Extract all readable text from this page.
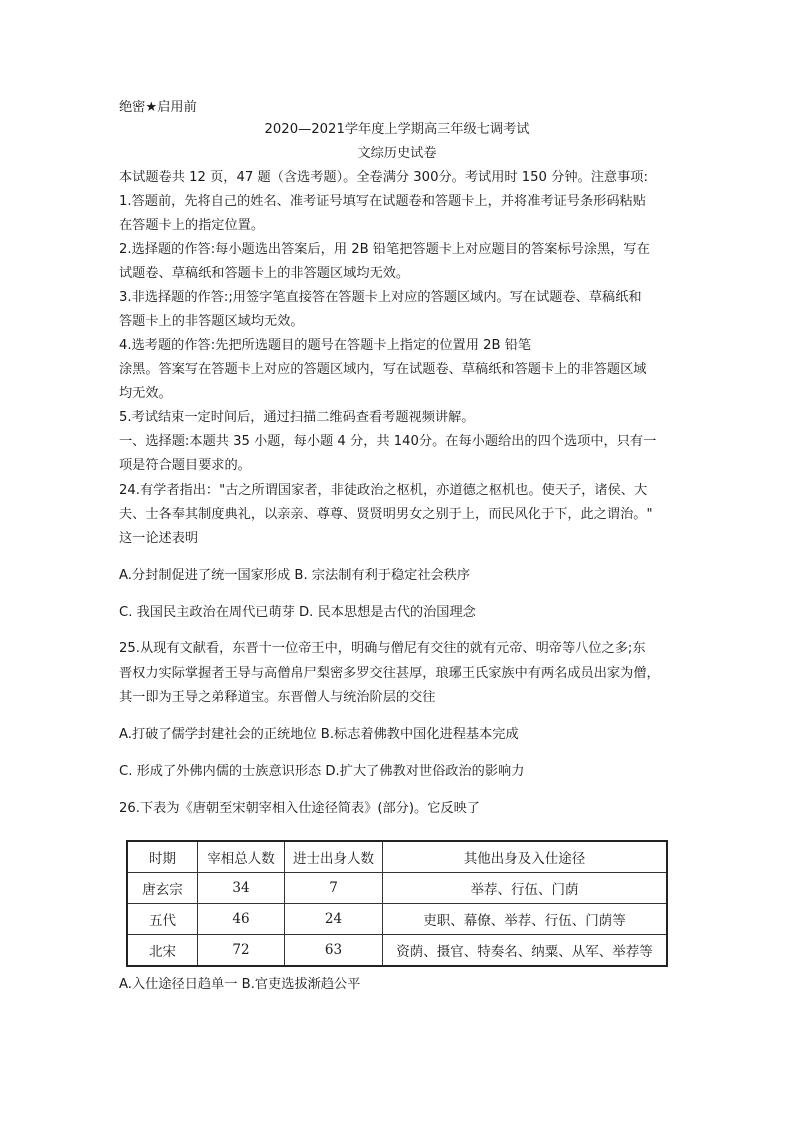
绝密★启用前
2020—2021学年度上学期高三年级七调考试
文综历史试卷
本试题卷共 12 页，47 题（含选考题）。全卷满分 300分。考试用时 150 分钟。注意事项:
1.答题前，先将自己的姓名、准考证号填写在试题卷和答题卡上，并将准考证号条形码粘贴
在答题卡上的指定位置。
2.选择题的作答:每小题选出答案后，用 2B 铅笔把答题卡上对应题目的答案标号涂黑，写在
试题卷、草稿纸和答题卡上的非答题区域均无效。
3.非选择题的作答:;用签字笔直接答在答题卡上对应的答题区域内。写在试题卷、草稿纸和
答题卡上的非答题区域均无效。
4.选考题的作答:先把所选题目的题号在答题卡上指定的位置用 2B 铅笔
涂黑。答案写在答题卡上对应的答题区域内，写在试题卷、草稿纸和答题卡上的非答题区域
均无效。
5.考试结束一定时间后，通过扫描二维码查看考题视频讲解。
一、选择题:本题共 35 小题，每小题 4 分，共 140分。在每小题给出的四个选项中，只有一
项是符合题目要求的。
24.有学者指出："古之所谓国家者，非徒政治之枢机，亦道德之枢机也。使天子，诸侯、大
夫、士各奉其制度典礼，以亲亲、尊尊、贤贤明男女之别于上，而民风化于下，此之谓治。"
这一论述表明
A.分封制促进了统一国家形成 B. 宗法制有利于稳定社会秩序
C. 我国民主政治在周代已萌芽 D. 民本思想是古代的治国理念
25.从现有文献看，东晋十一位帝王中，明确与僧尼有交往的就有元帝、明帝等八位之多;东
晋权力实际掌握者王导与高僧帛尸梨密多罗交往甚厚，琅琊王氏家族中有两名成员出家为僧，
其一即为王导之弟释道宝。东晋僧人与统治阶层的交往
A.打破了儒学封建社会的正统地位 B.标志着佛教中国化进程基本完成
C. 形成了外佛内儒的士族意识形态 D.扩大了佛教对世俗政治的影响力
26.下表为《唐朝至宋朝宰相入仕途径简表》(部分)。它反映了
时期	宰相总人数	进士出身人数	其他出身及入仕途径
唐玄宗	34	7	举荐、行伍、门荫
五代	46	24	吏职、幕僚、举荐、行伍、门荫等
北宋	72	63	资荫、摄官、特奏名、纳粟、从军、举荐等
A.入仕途径日趋单一 B.官吏选拔渐趋公平
